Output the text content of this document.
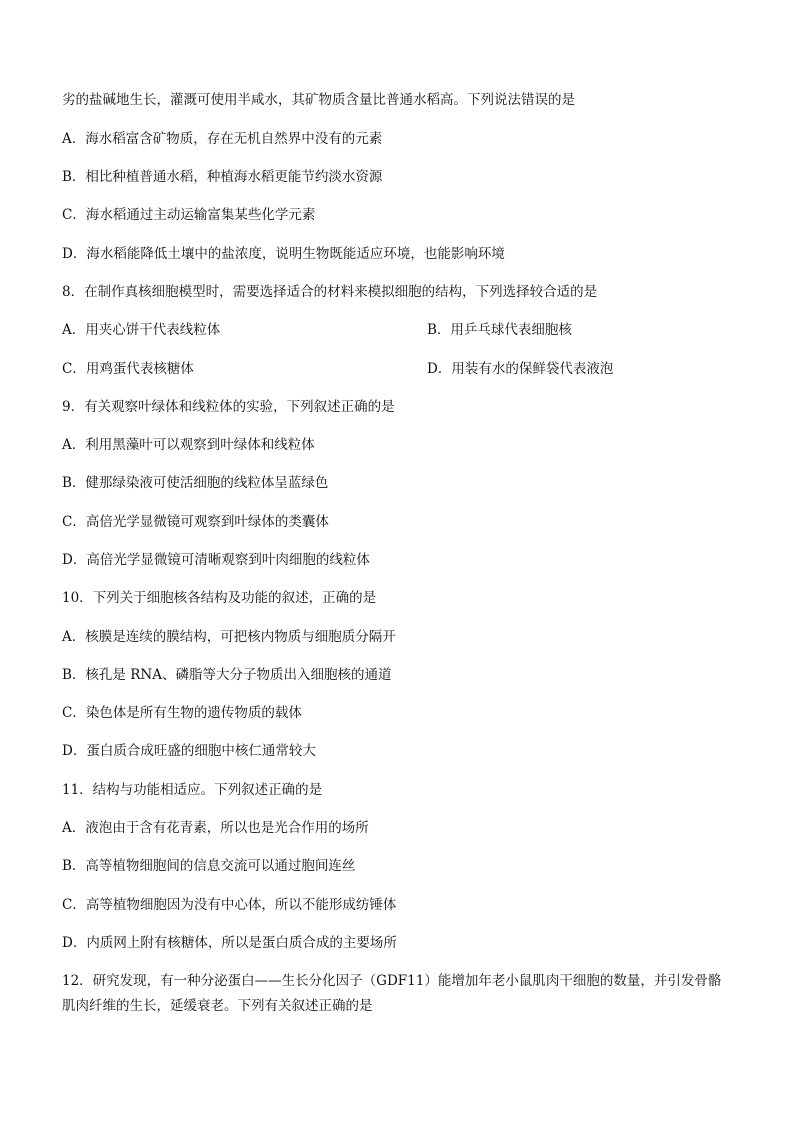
劣的盐碱地生长，灌溉可使用半咸水，其矿物质含量比普通水稻高。下列说法错误的是
A．海水稻富含矿物质，存在无机自然界中没有的元素
B．相比种植普通水稻，种植海水稻更能节约淡水资源
C．海水稻通过主动运输富集某些化学元素
D．海水稻能降低土壤中的盐浓度，说明生物既能适应环境，也能影响环境
8．在制作真核细胞模型时，需要选择适合的材料来模拟细胞的结构，下列选择较合适的是
A．用夹心饼干代表线粒体	B．用乒乓球代表细胞核
C．用鸡蛋代表核糖体	D．用装有水的保鲜袋代表液泡
9．有关观察叶绿体和线粒体的实验，下列叙述正确的是
A．利用黑藻叶可以观察到叶绿体和线粒体
B．健那绿染液可使活细胞的线粒体呈蓝绿色
C．高倍光学显微镜可观察到叶绿体的类囊体
D．高倍光学显微镜可清晰观察到叶肉细胞的线粒体
10．下列关于细胞核各结构及功能的叙述，正确的是
A．核膜是连续的膜结构，可把核内物质与细胞质分隔开
B．核孔是 RNA、磷脂等大分子物质出入细胞核的通道
C．染色体是所有生物的遗传物质的载体
D．蛋白质合成旺盛的细胞中核仁通常较大
11．结构与功能相适应。下列叙述正确的是
A．液泡由于含有花青素，所以也是光合作用的场所
B．高等植物细胞间的信息交流可以通过胞间连丝
C．高等植物细胞因为没有中心体，所以不能形成纺锤体
D．内质网上附有核糖体，所以是蛋白质合成的主要场所
12．研究发现，有一种分泌蛋白——生长分化因子（GDF11）能增加年老小鼠肌肉干细胞的数量，并引发骨骼
肌肉纤维的生长，延缓衰老。下列有关叙述正确的是
